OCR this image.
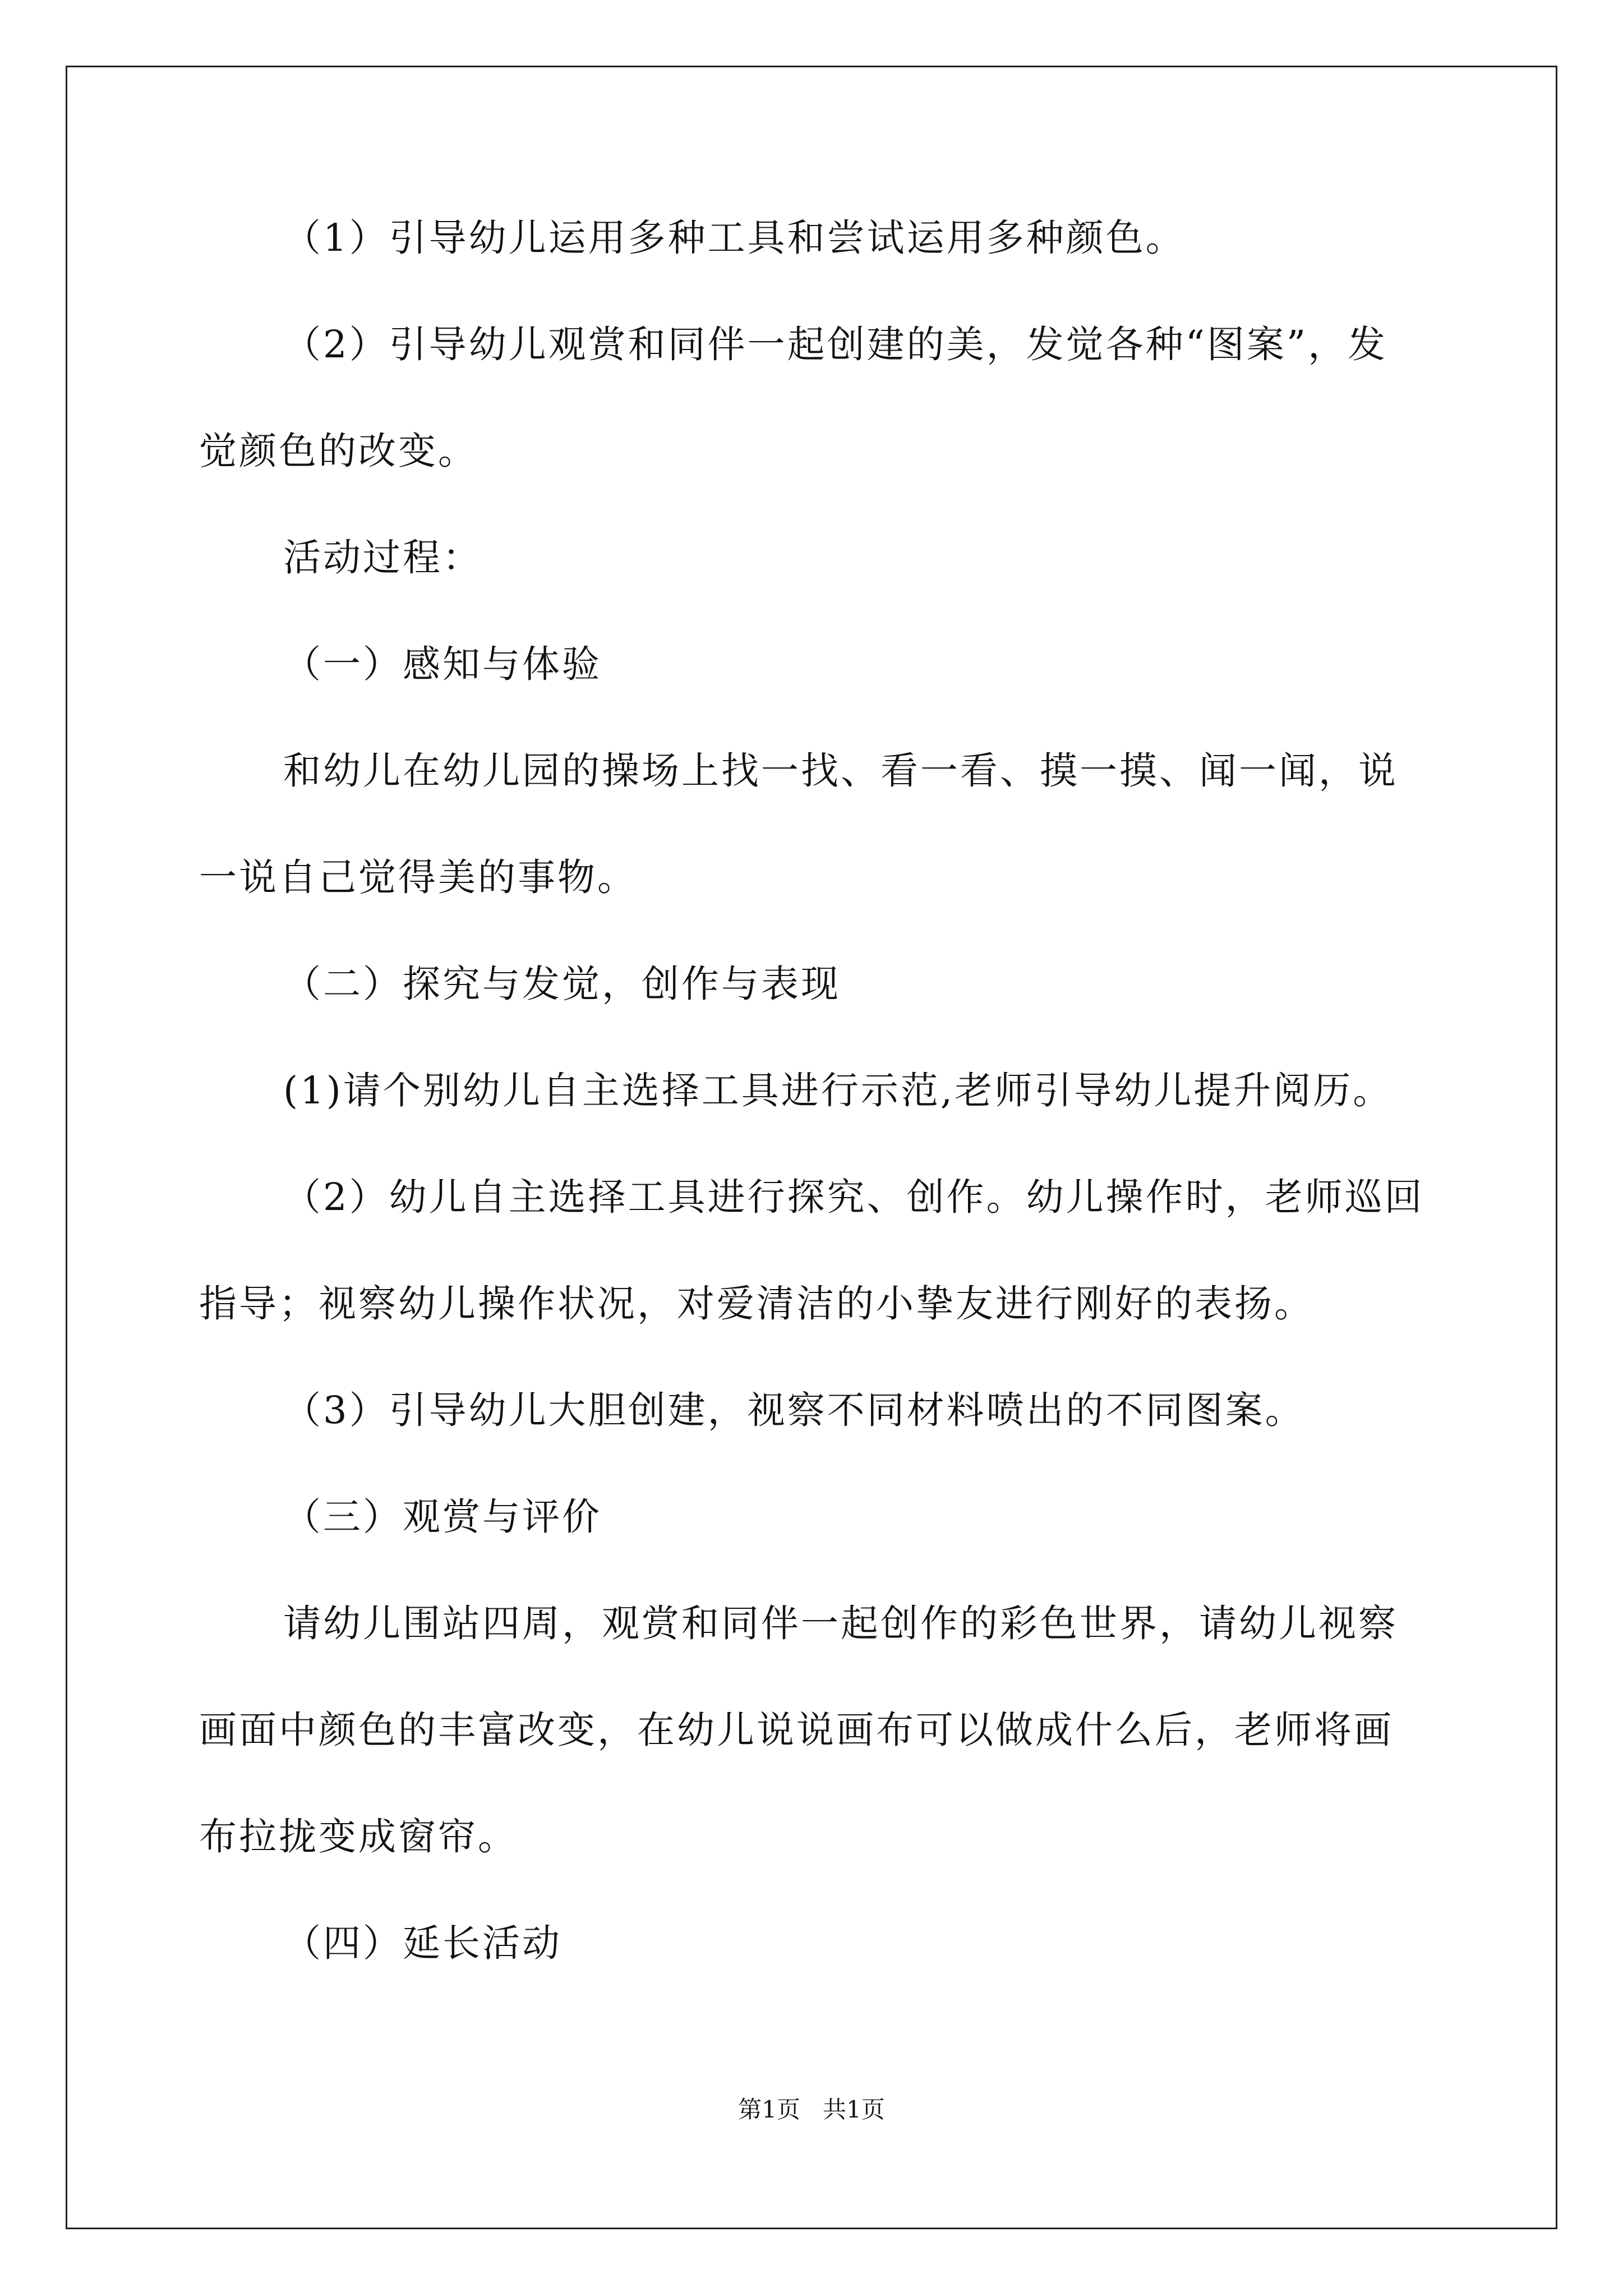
（1）引导幼儿运用多种工具和尝试运用多种颜色。
（2）引导幼儿观赏和同伴一起创建的美，发觉各种“图案”，发
觉颜色的改变。
活动过程：
（一）感知与体验
和幼儿在幼儿园的操场上找一找、看一看、摸一摸、闻一闻，说
一说自己觉得美的事物。
（二）探究与发觉，创作与表现
(1)请个别幼儿自主选择工具进行示范,老师引导幼儿提升阅历。
（2）幼儿自主选择工具进行探究、创作。幼儿操作时，老师巡回
指导；视察幼儿操作状况，对爱清洁的小挚友进行刚好的表扬。
（3）引导幼儿大胆创建，视察不同材料喷出的不同图案。
（三）观赏与评价
请幼儿围站四周，观赏和同伴一起创作的彩色世界，请幼儿视察
画面中颜色的丰富改变，在幼儿说说画布可以做成什么后，老师将画
布拉拢变成窗帘。
（四）延长活动
第1页 共1页
